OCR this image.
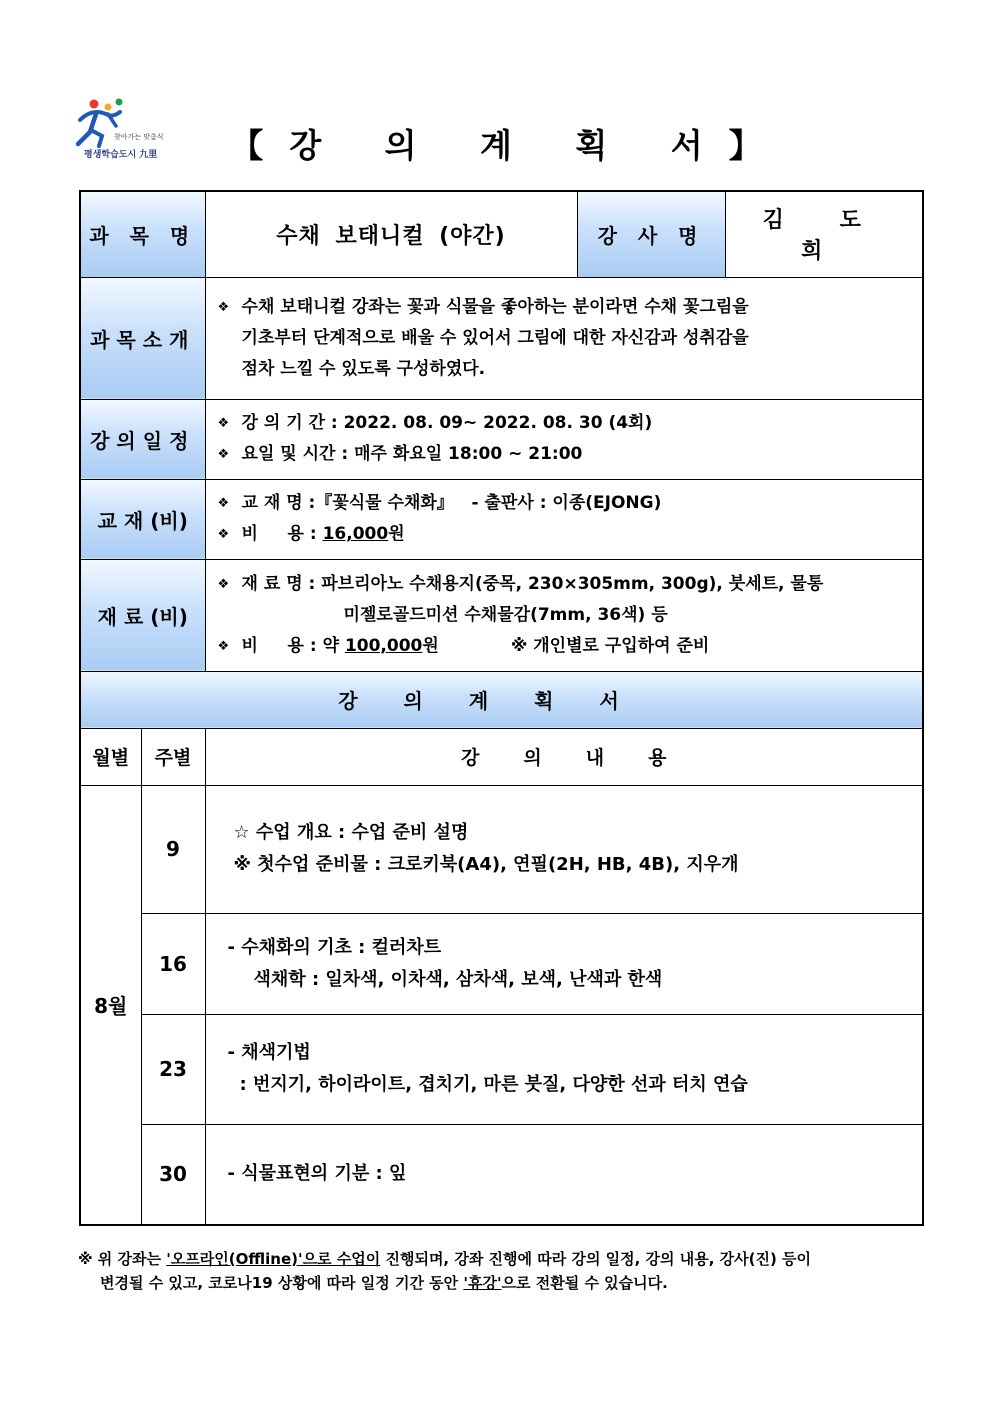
찾아가는 맞춤식
평생학습도시 九里	【강 의 계 획 서】
과 목 명		수채 보태니컬 (야간)	강 사 명	김 도 희
과목소개		❖ 수채 보태니컬 강좌는 꽃과 식물을 좋아하는 분이라면 수채 꽃그림을
기초부터 단계적으로 배울 수 있어서 그림에 대한 자신감과 성취감을
점차 느낄 수 있도록 구성하였다.		

강의일정		❖ 강 의 기 간 : 2022. 08. 09~ 2022. 08. 30 (4회)
❖ 요일 및 시간 : 매주 화요일 18:00 ~ 21:00		

교 재 (비)		❖ 교 재 명 :『꽃식물 수채화』   - 출판사 : 이종(EJONG)
❖ 비     용 : 16,000원		

재 료 (비)		❖ 재 료 명 : 파브리아노 수채용지(중목, 230×305mm, 300g), 붓세트, 물통
미젤로골드미션 수채물감(7mm, 36색) 등
❖ 비     용 : 약 100,000원 ※ 개인별로 구입하여 준비		

강의계획서				
월별	주별	강의내용		
8월	9	☆ 수업 개요 : 수업 준비 설명
※ 첫수업 준비물 : 크로키북(A4), 연필(2H, HB, 4B), 지우개		

	16	- 수채화의 기초 : 컬러차트
색채학 : 일차색, 이차색, 삼차색, 보색, 난색과 한색		

	23	- 채색기법
: 번지기, 하이라이트, 겹치기, 마른 붓질, 다양한 선과 터치 연습		

	30	- 식물표현의 기분 : 잎		
※ 위 강좌는 '오프라인(Offline)'으로 수업이 진행되며, 강좌 진행에 따라 강의 일정, 강의 내용, 강사(진) 등이
변경될 수 있고, 코로나19 상황에 따라 일정 기간 동안 '휴강'으로 전환될 수 있습니다.
